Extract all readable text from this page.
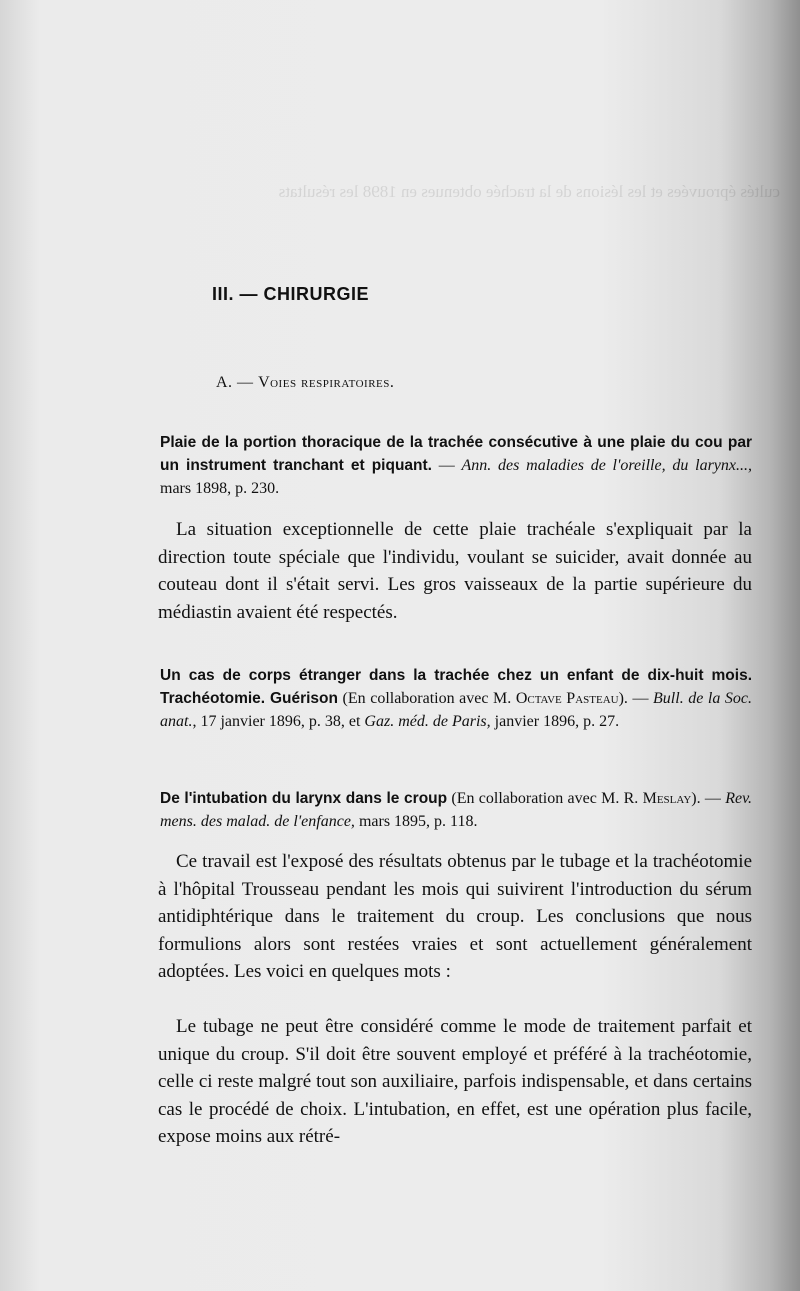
cultés éprouvées et les lésions de la trachée obtenues en 1898 les résultats
III. — CHIRURGIE
A. — Voies respiratoires.
Plaie de la portion thoracique de la trachée consécutive à une plaie du cou par un instrument tranchant et piquant. — Ann. des maladies de l'oreille, du larynx..., mars 1898, p. 230.

La situation exceptionnelle de cette plaie trachéale s'expliquait par la direction toute spéciale que l'individu, voulant se suicider, avait donnée au couteau dont il s'était servi. Les gros vaisseaux de la partie supérieure du médiastin avaient été respectés.

Un cas de corps étranger dans la trachée chez un enfant de dix-huit mois. Trachéotomie. Guérison (En collaboration avec M. Octave Pasteau). — Bull. de la Soc. anat., 17 janvier 1896, p. 38, et Gaz. méd. de Paris, janvier 1896, p. 27.
De l'intubation du larynx dans le croup (En collaboration avec M. R. Meslay). — Rev. mens. des malad. de l'enfance, mars 1895, p. 118.

Ce travail est l'exposé des résultats obtenus par le tubage et la trachéotomie à l'hôpital Trousseau pendant les mois qui suivirent l'introduction du sérum antidiphtérique dans le traitement du croup. Les conclusions que nous formulions alors sont restées vraies et sont actuellement généralement adoptées. Les voici en quelques mots :

Le tubage ne peut être considéré comme le mode de traitement parfait et unique du croup. S'il doit être souvent employé et préféré à la trachéotomie, celle ci reste malgré tout son auxiliaire, parfois indispensable, et dans certains cas le procédé de choix. L'intubation, en effet, est une opération plus facile, expose moins aux rétré-
